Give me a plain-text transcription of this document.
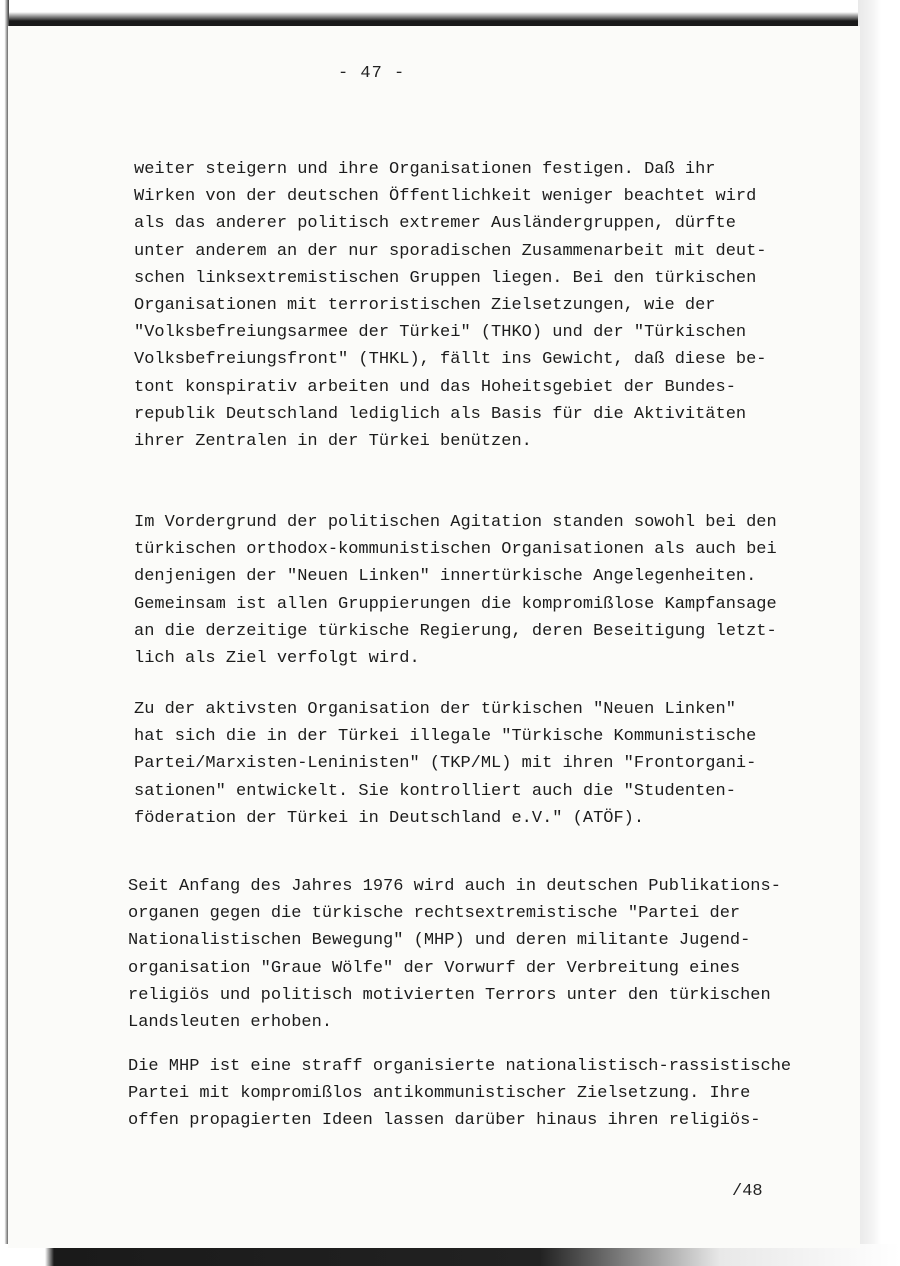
- 47 -

weiter steigern und ihre Organisationen festigen. Daß ihr
Wirken von der deutschen Öffentlichkeit weniger beachtet wird
als das anderer politisch extremer Ausländergruppen, dürfte
unter anderem an der nur sporadischen Zusammenarbeit mit deut-
schen linksextremistischen Gruppen liegen. Bei den türkischen
Organisationen mit terroristischen Zielsetzungen, wie der
"Volksbefreiungsarmee der Türkei" (THKO) und der "Türkischen
Volksbefreiungsfront" (THKL), fällt ins Gewicht, daß diese be-
tont konspirativ arbeiten und das Hoheitsgebiet der Bundes-
republik Deutschland lediglich als Basis für die Aktivitäten
ihrer Zentralen in der Türkei benützen.

Im Vordergrund der politischen Agitation standen sowohl bei den
türkischen orthodox-kommunistischen Organisationen als auch bei
denjenigen der "Neuen Linken" innertürkische Angelegenheiten.
Gemeinsam ist allen Gruppierungen die kompromißlose Kampfansage
an die derzeitige türkische Regierung, deren Beseitigung letzt-
lich als Ziel verfolgt wird.

Zu der aktivsten Organisation der türkischen "Neuen Linken"
hat sich die in der Türkei illegale "Türkische Kommunistische
Partei/Marxisten-Leninisten" (TKP/ML) mit ihren "Frontorgani-
sationen" entwickelt. Sie kontrolliert auch die "Studenten-
föderation der Türkei in Deutschland e.V." (ATÖF).

Seit Anfang des Jahres 1976 wird auch in deutschen Publikations-
organen gegen die türkische rechtsextremistische "Partei der
Nationalistischen Bewegung" (MHP) und deren militante Jugend-
organisation "Graue Wölfe" der Vorwurf der Verbreitung eines
religiös und politisch motivierten Terrors unter den türkischen
Landsleuten erhoben.

Die MHP ist eine straff organisierte nationalistisch-rassistische
Partei mit kompromißlos antikommunistischer Zielsetzung. Ihre
offen propagierten Ideen lassen darüber hinaus ihren religiös-

/48
